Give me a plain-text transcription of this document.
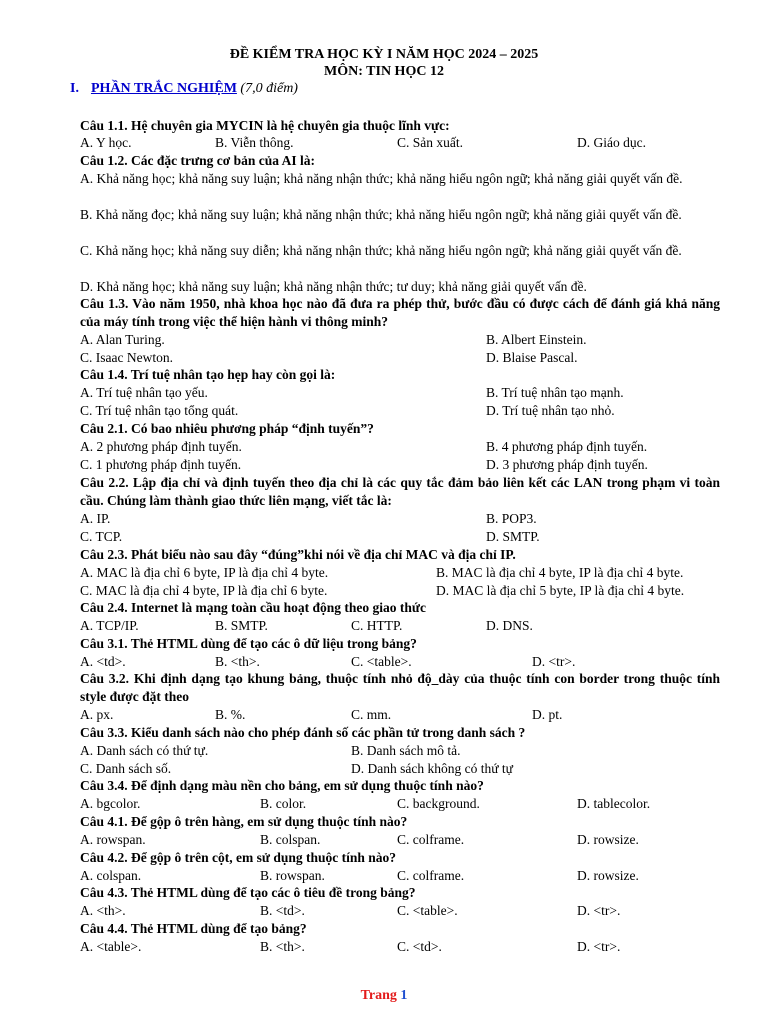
ĐỀ KIỂM TRA HỌC KỲ I NĂM HỌC 2024 – 2025
MÔN: TIN HỌC 12
I. PHẦN TRẮC NGHIỆM (7,0 điểm)
Câu 1.1. Hệ chuyên gia MYCIN là hệ chuyên gia thuộc lĩnh vực:
A. Y học.	B. Viễn thông.	C. Sản xuất.	D. Giáo dục.
Câu 1.2. Các đặc trưng cơ bản của AI là:
A. Khả năng học; khả năng suy luận; khả năng nhận thức; khả năng hiểu ngôn ngữ; khả năng giải quyết vấn đề.
B. Khả năng đọc; khả năng suy luận; khả năng nhận thức; khả năng hiểu ngôn ngữ; khả năng giải quyết vấn đề.
C. Khả năng học; khả năng suy diễn; khả năng nhận thức; khả năng hiểu ngôn ngữ; khả năng giải quyết vấn đề.
D. Khả năng học; khả năng suy luận; khả năng nhận thức; tư duy; khả năng giải quyết vấn đề.
Câu 1.3. Vào năm 1950, nhà khoa học nào đã đưa ra phép thử, bước đầu có được cách để đánh giá khả năng của máy tính trong việc thể hiện hành vi thông minh?
A. Alan Turing.	B. Albert Einstein.
C. Isaac Newton.	D. Blaise Pascal.
Câu 1.4. Trí tuệ nhân tạo hẹp hay còn gọi là:
A. Trí tuệ nhân tạo yếu.	B. Trí tuệ nhân tạo mạnh.
C. Trí tuệ nhân tạo tổng quát.	D. Trí tuệ nhân tạo nhỏ.
Câu 2.1. Có bao nhiêu phương pháp “định tuyến”?
A. 2 phương pháp định tuyến.	B. 4 phương pháp định tuyến.
C. 1 phương pháp định tuyến.	D. 3 phương pháp định tuyến.
Câu 2.2. Lập địa chỉ và định tuyến theo địa chỉ là các quy tắc đảm bảo liên kết các LAN trong phạm vi toàn cầu. Chúng làm thành giao thức liên mạng, viết tắc là:
A. IP.	B. POP3.
C. TCP.	D. SMTP.
Câu 2.3. Phát biểu nào sau đây “đúng”khi nói về địa chỉ MAC và địa chỉ IP.
A. MAC là địa chỉ 6 byte, IP là địa chỉ 4 byte.	B. MAC là địa chỉ 4 byte, IP là địa chỉ 4 byte.
C. MAC là địa chỉ 4 byte, IP là địa chỉ 6 byte.	D. MAC là địa chỉ 5 byte, IP là địa chỉ 4 byte.
Câu 2.4. Internet là mạng toàn cầu hoạt động theo giao thức
A. TCP/IP.	B. SMTP.	C. HTTP.	D. DNS.
Câu 3.1. Thẻ HTML dùng để tạo các ô dữ liệu trong bảng?
A. <td>.	B. <th>.	C. <table>.	D. <tr>.
Câu 3.2. Khi định dạng tạo khung bảng, thuộc tính nhỏ độ_dày của thuộc tính con border trong thuộc tính style được đặt theo
A. px.	B. %.	C. mm.	D. pt.
Câu 3.3. Kiểu danh sách nào cho phép đánh số các phần tử trong danh sách ?
A. Danh sách có thứ tự.	B. Danh sách mô tả.
C. Danh sách số.	D. Danh sách không có thứ tự
Câu 3.4. Để định dạng màu nền cho bảng, em sử dụng thuộc tính nào?
A. bgcolor.	B. color.	C. background.	D. tablecolor.
Câu 4.1. Để gộp ô trên hàng, em sử dụng thuộc tính nào?
A. rowspan.	B. colspan.	C. colframe.	D. rowsize.
Câu 4.2. Để gộp ô trên cột, em sử dụng thuộc tính nào?
A. colspan.	B. rowspan.	C. colframe.	D. rowsize.
Câu 4.3. Thẻ HTML dùng để tạo các ô tiêu đề trong bảng?
A. <th>.	B. <td>.	C. <table>.	D. <tr>.
Câu 4.4. Thẻ HTML dùng để tạo bảng?
A. <table>.	B. <th>.	C. <td>.	D. <tr>.
Trang 1
